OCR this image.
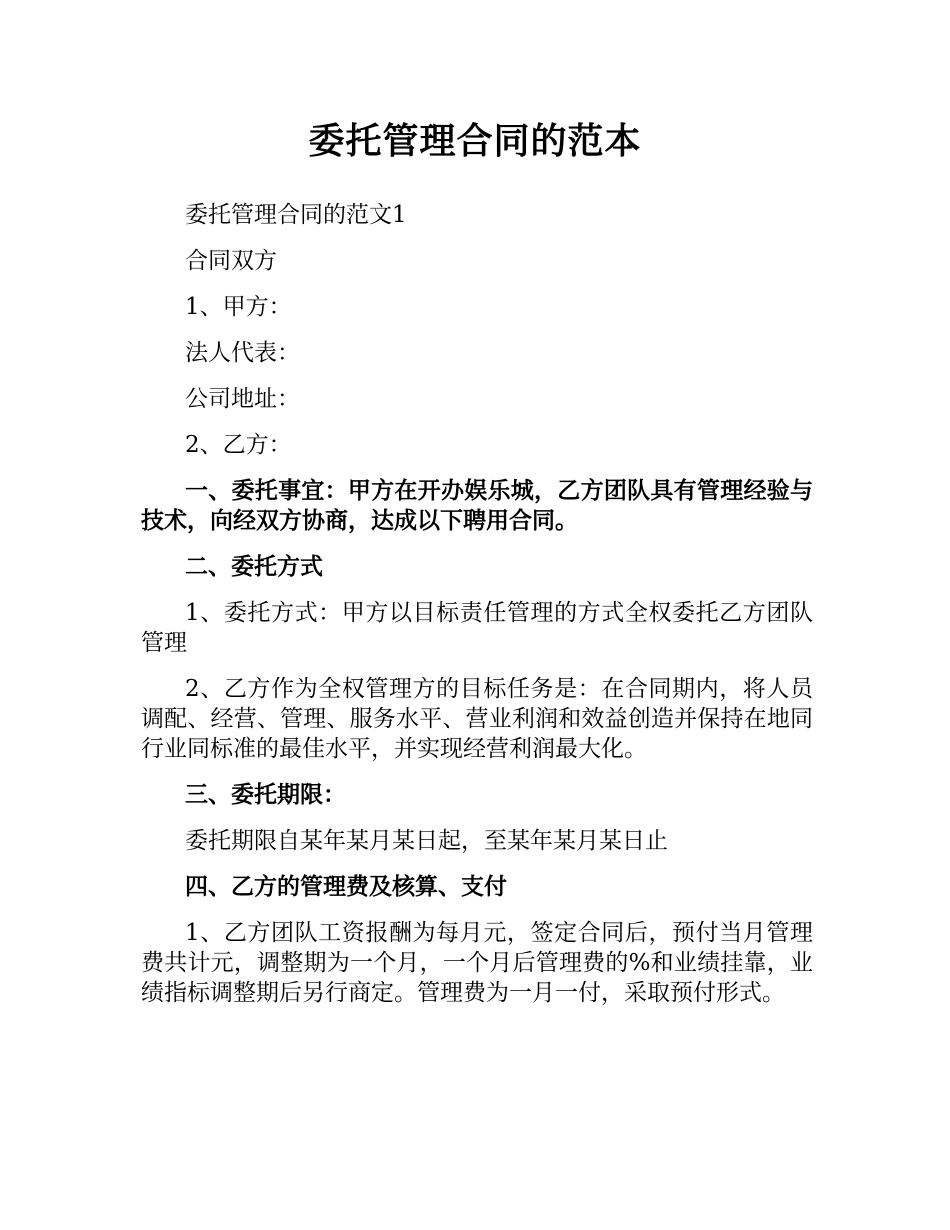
委托管理合同的范本

委托管理合同的范文1

合同双方

1、甲方：

法人代表：

公司地址：

2、乙方：

一、委托事宜：甲方在开办娱乐城，乙方团队具有管理经验与技术，向经双方协商，达成以下聘用合同。

二、委托方式

1、委托方式：甲方以目标责任管理的方式全权委托乙方团队管理

2、乙方作为全权管理方的目标任务是：在合同期内，将人员调配、经营、管理、服务水平、营业利润和效益创造并保持在地同行业同标准的最佳水平，并实现经营利润最大化。

三、委托期限：

委托期限自某年某月某日起，至某年某月某日止

四、乙方的管理费及核算、支付

1、乙方团队工资报酬为每月元，签定合同后，预付当月管理费共计元，调整期为一个月，一个月后管理费的%和业绩挂靠，业绩指标调整期后另行商定。管理费为一月一付，采取预付形式。
